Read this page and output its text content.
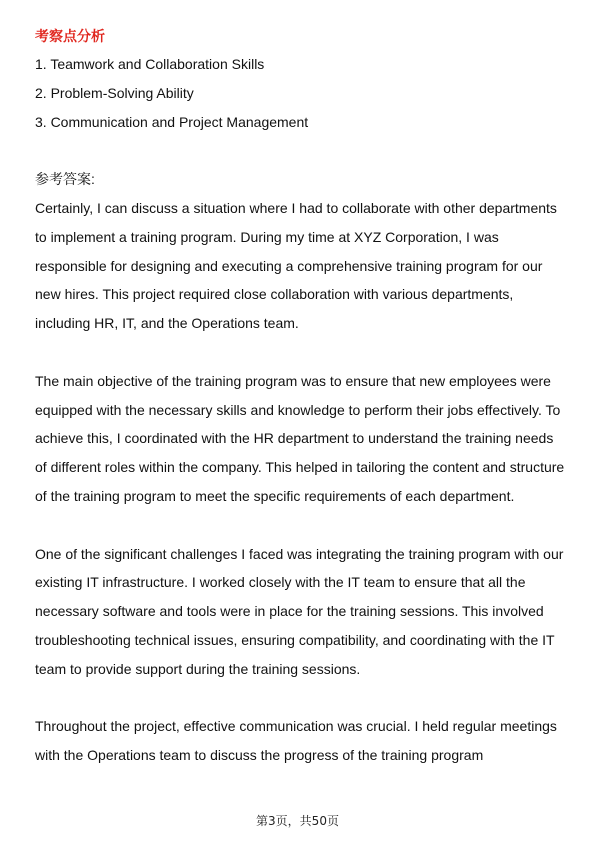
考察点分析
1. Teamwork and Collaboration Skills
2. Problem-Solving Ability
3. Communication and Project Management
参考答案:

Certainly, I can discuss a situation where I had to collaborate with other departments to implement a training program. During my time at XYZ Corporation, I was responsible for designing and executing a comprehensive training program for our new hires. This project required close collaboration with various departments, including HR, IT, and the Operations team.

The main objective of the training program was to ensure that new employees were equipped with the necessary skills and knowledge to perform their jobs effectively. To achieve this, I coordinated with the HR department to understand the training needs of different roles within the company. This helped in tailoring the content and structure of the training program to meet the specific requirements of each department.

One of the significant challenges I faced was integrating the training program with our existing IT infrastructure. I worked closely with the IT team to ensure that all the necessary software and tools were in place for the training sessions. This involved troubleshooting technical issues, ensuring compatibility, and coordinating with the IT team to provide support during the training sessions.

Throughout the project, effective communication was crucial. I held regular meetings with the Operations team to discuss the progress of the training program

第3页，共50页
